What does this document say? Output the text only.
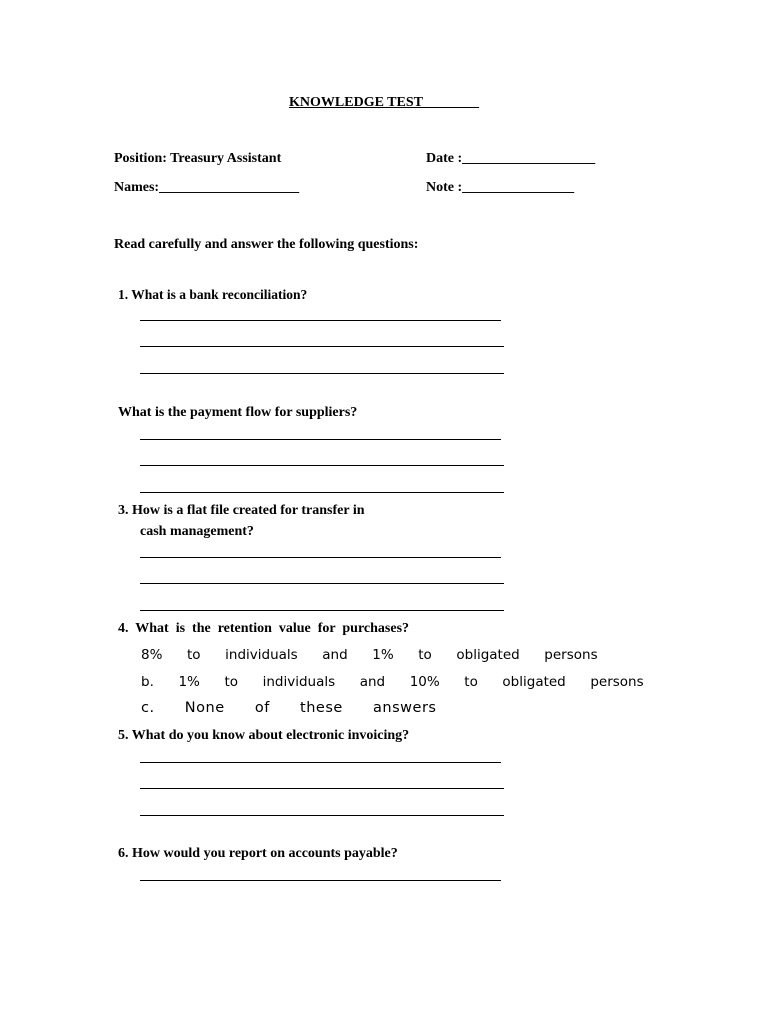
KNOWLEDGE TEST________
Position: Treasury Assistant	Date :___________________
Names:____________________	Note :________________
Read carefully and answer the following questions:
1. What is a bank reconciliation?
What is the payment flow for suppliers?
3. How is a flat file created for transfer in
cash management?
4.  What  is  the  retention  value  for  purchases?
8%  to  individuals  and  1%  to  obligated  persons
b.  1%  to  individuals  and  10%  to  obligated  persons
c.  None  of  these  answers
5. What do you know about electronic invoicing?
6. How would you report on accounts payable?
